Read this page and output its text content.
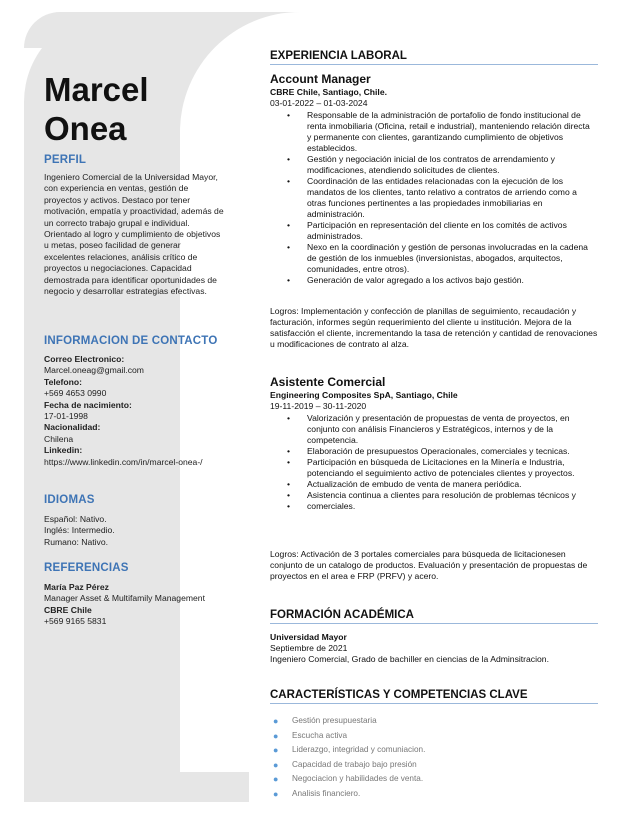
Marcel
Onea
PERFIL
Ingeniero Comercial de la Universidad Mayor, con experiencia en ventas, gestión de proyectos y activos. Destaco por tener motivación, empatía y proactividad, además de un correcto trabajo grupal e individual. Orientado al logro y cumplimiento de objetivos u metas, poseo facilidad de generar excelentes relaciones, análisis crítico de proyectos u negociaciones. Capacidad demostrada para identificar oportunidades de negocio y desarrollar estrategias efectivas.
INFORMACION DE CONTACTO
Correo Electronico:
Marcel.oneag@gmail.com
Telefono:
+569 4653 0990
Fecha de nacimiento:
17-01-1998
Nacionalidad:
Chilena
Linkedin:
https://www.linkedin.com/in/marcel-onea-/
IDIOMAS
Español: Nativo.
Inglés: Intermedio.
Rumano: Nativo.
REFERENCIAS
María Paz Pérez
Manager Asset & Multifamily Management
CBRE Chile
+569 9165 5831
EXPERIENCIA LABORAL
Account Manager
CBRE Chile, Santiago, Chile.
03-01-2022 – 01-03-2024
• Responsable de la administración de portafolio de fondo institucional de renta inmobiliaria (Oficina, retail e industrial), manteniendo relación directa y permanente con clientes, garantizando cumplimiento de objetivos establecidos.
• Gestión y negociación inicial de los contratos de arrendamiento y modificaciones, atendiendo solicitudes de clientes.
• Coordinación de las entidades relacionadas con la ejecución de los mandatos de los clientes, tanto relativo a contratos de arriendo como a otras funciones pertinentes a las propiedades inmobiliarias en administración.
• Participación en representación del cliente en los comités de activos administrados.
• Nexo en la coordinación y gestión de personas involucradas en la cadena de gestión de los inmuebles (inversionistas, abogados, arquitectos, comunidades, entre otros).
• Generación de valor agregado a los activos bajo gestión.
Logros: Implementación y confección de planillas de seguimiento, recaudación y facturación, informes según requerimiento del cliente u institución. Mejora de la satisfacción el cliente, incrementando la tasa de retención y cantidad de renovaciones u modificaciones de contrato al alza.
Asistente Comercial
Engineering Composites SpA, Santiago, Chile
19-11-2019 – 30-11-2020
• Valorización y presentación de propuestas de venta de proyectos, en conjunto con análisis Financieros y Estratégicos, internos y de la competencia.
• Elaboración de presupuestos Operacionales, comerciales y tecnicas.
• Participación en búsqueda de Licitaciones en la Minería e Industria, potenciando el seguimiento activo de potenciales clientes y proyectos.
• Actualización de embudo de venta de manera periódica.
• Asistencia continua a clientes para resolución de problemas técnicos y
• comerciales.
Logros: Activación de 3 portales comerciales para búsqueda de licitacionesen conjunto de un catalogo de productos. Evaluación y presentación de propuestas de proyectos en el area e FRP (PRFV) y acero.
FORMACIÓN ACADÉMICA
Universidad Mayor
Septiembre de 2021
Ingeniero Comercial, Grado de bachiller en ciencias de la Adminsitracion.
CARACTERÍSTICAS Y COMPETENCIAS CLAVE
● Gestión presupuestaria
● Escucha activa
● Liderazgo, integridad y comuniacion.
● Capacidad de trabajo bajo presión
● Negociacion y habilidades de venta.
● Analisis financiero.
